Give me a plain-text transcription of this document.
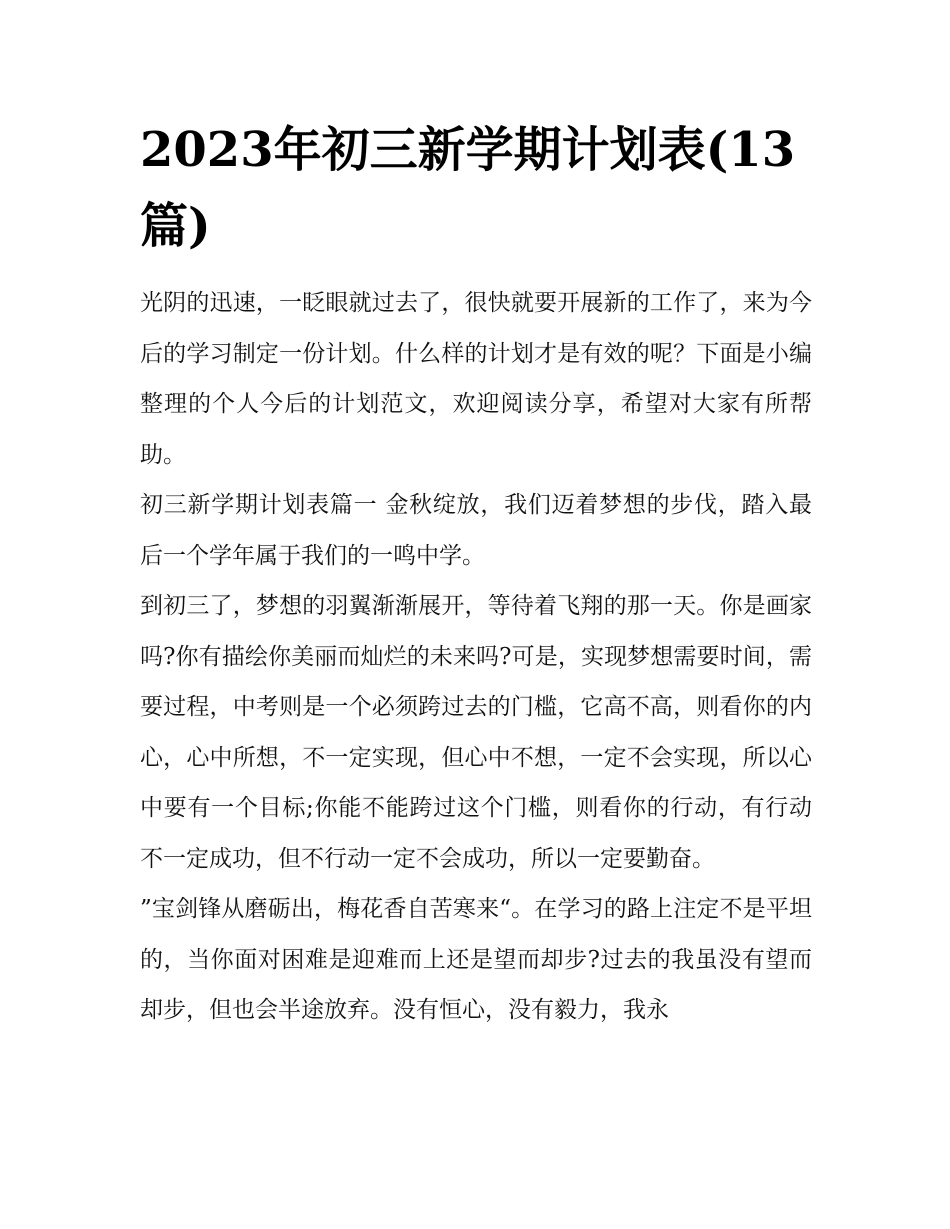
2023年初三新学期计划表(13篇)

光阴的迅速，一眨眼就过去了，很快就要开展新的工作了，来为今后的学习制定一份计划。什么样的计划才是有效的呢？下面是小编整理的个人今后的计划范文，欢迎阅读分享，希望对大家有所帮助。

初三新学期计划表篇一 金秋绽放，我们迈着梦想的步伐，踏入最后一个学年属于我们的一鸣中学。

到初三了，梦想的羽翼渐渐展开，等待着飞翔的那一天。你是画家吗?你有描绘你美丽而灿烂的未来吗?可是，实现梦想需要时间，需要过程，中考则是一个必须跨过去的门槛，它高不高，则看你的内心，心中所想，不一定实现，但心中不想，一定不会实现，所以心中要有一个目标;你能不能跨过这个门槛，则看你的行动，有行动不一定成功，但不行动一定不会成功，所以一定要勤奋。

”宝剑锋从磨砺出，梅花香自苦寒来“。在学习的路上注定不是平坦的，当你面对困难是迎难而上还是望而却步?过去的我虽没有望而却步，但也会半途放弃。没有恒心，没有毅力，我永
